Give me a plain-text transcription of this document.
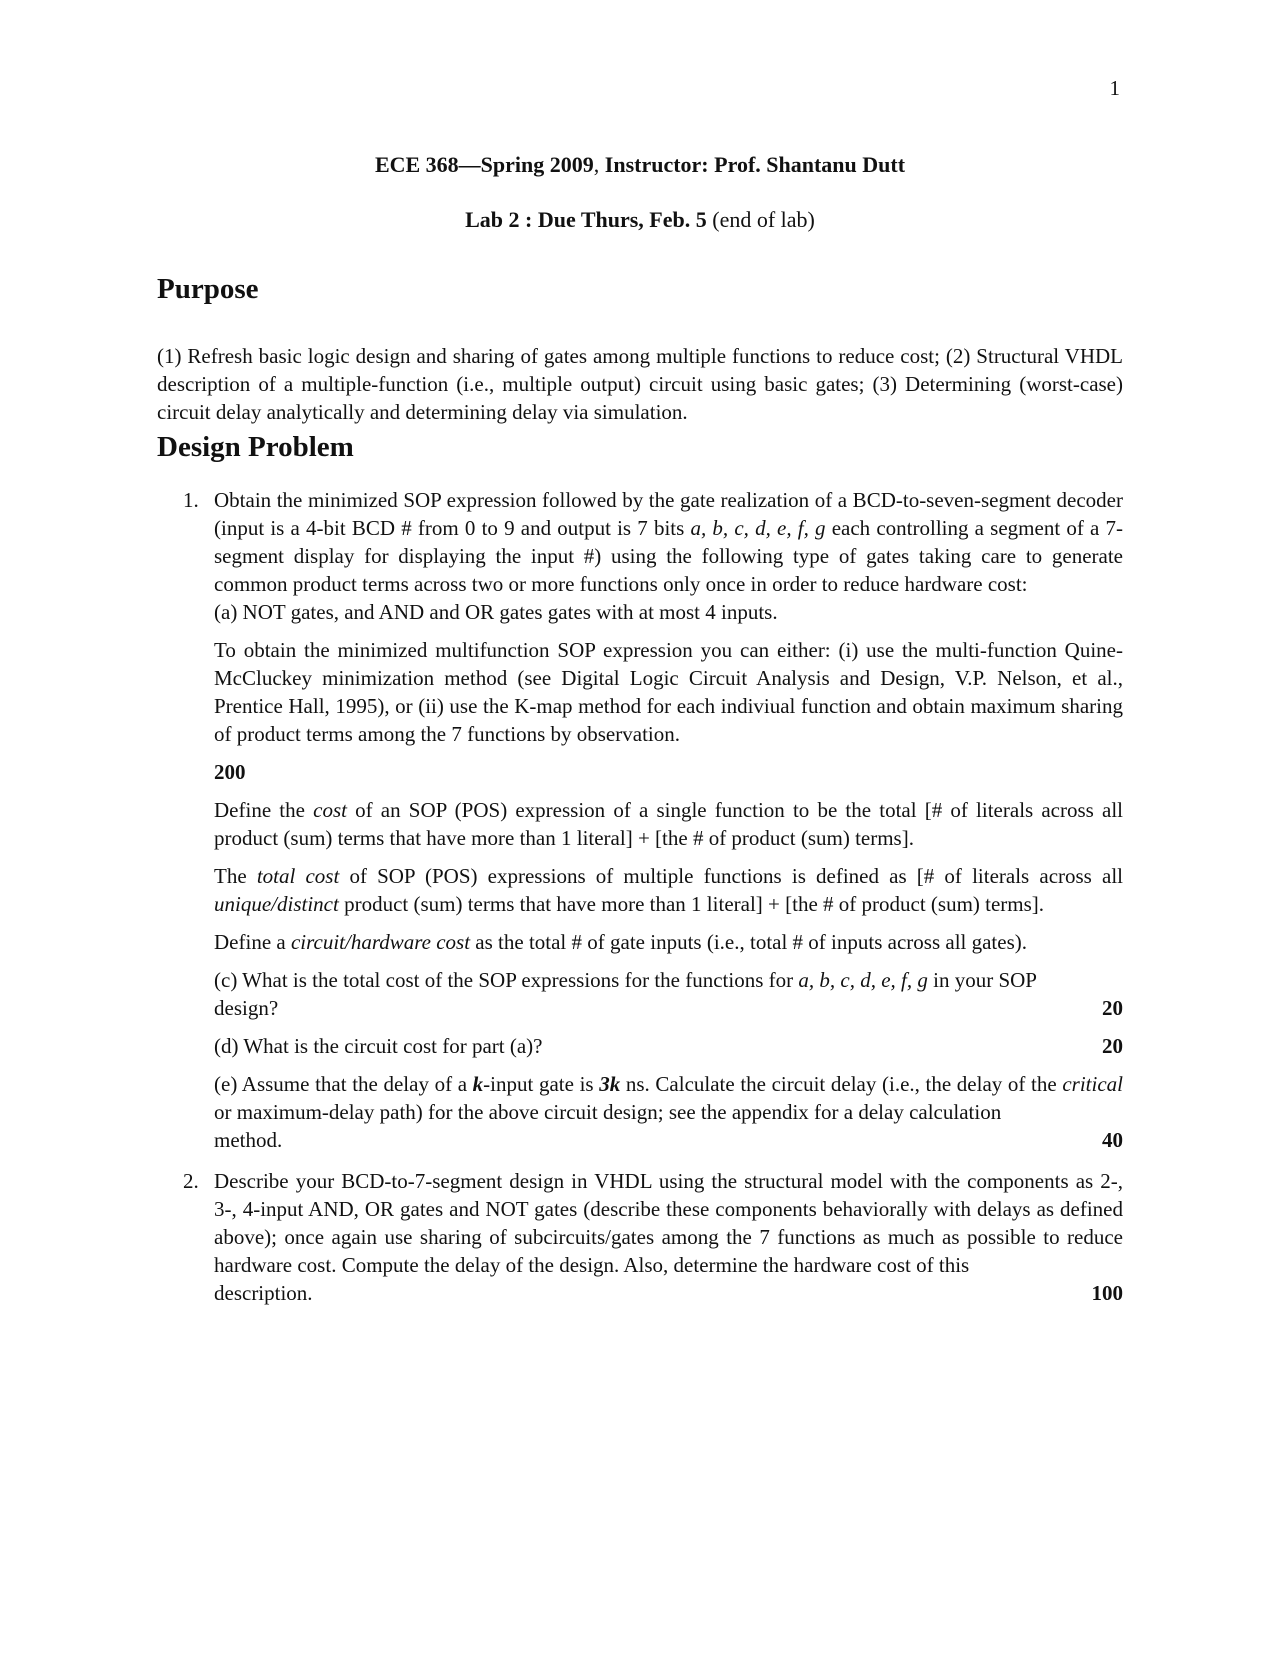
1
ECE 368—Spring 2009, Instructor: Prof. Shantanu Dutt
Lab 2 : Due Thurs, Feb. 5 (end of lab)
Purpose

(1) Refresh basic logic design and sharing of gates among multiple functions to reduce cost; (2) Structural VHDL description of a multiple-function (i.e., multiple output) circuit using basic gates; (3) Determining (worst-case) circuit delay analytically and determining delay via simulation.

Design Problem
1. Obtain the minimized SOP expression followed by the gate realization of a BCD-to-seven-segment decoder (input is a 4-bit BCD # from 0 to 9 and output is 7 bits a, b, c, d, e, f, g each controlling a segment of a 7-segment display for displaying the input #) using the following type of gates taking care to generate common product terms across two or more functions only once in order to reduce hardware cost:

(a) NOT gates, and AND and OR gates gates with at most 4 inputs.

To obtain the minimized multifunction SOP expression you can either: (i) use the multi-function Quine-McCluckey minimization method (see Digital Logic Circuit Analysis and Design, V.P. Nelson, et al., Prentice Hall, 1995), or (ii) use the K-map method for each indiviual function and obtain maximum sharing of product terms among the 7 functions by observation.

200

Define the cost of an SOP (POS) expression of a single function to be the total [# of literals across all product (sum) terms that have more than 1 literal] + [the # of product (sum) terms].

The total cost of SOP (POS) expressions of multiple functions is defined as [# of literals across all unique/distinct product (sum) terms that have more than 1 literal] + [the # of product (sum) terms].

Define a circuit/hardware cost as the total # of gate inputs (i.e., total # of inputs across all gates).

(c) What is the total cost of the SOP expressions for the functions for a, b, c, d, e, f, g in your SOP

design?	20
(d) What is the circuit cost for part (a)?	20

(e) Assume that the delay of a k-input gate is 3k ns. Calculate the circuit delay (i.e., the delay of the critical or maximum-delay path) for the above circuit design; see the appendix for a delay calculation

method.	40
2. Describe your BCD-to-7-segment design in VHDL using the structural model with the components as 2-, 3-, 4-input AND, OR gates and NOT gates (describe these components behaviorally with delays as defined above); once again use sharing of subcircuits/gates among the 7 functions as much as possible to reduce hardware cost. Compute the delay of the design. Also, determine the hardware cost of this

description.	100
